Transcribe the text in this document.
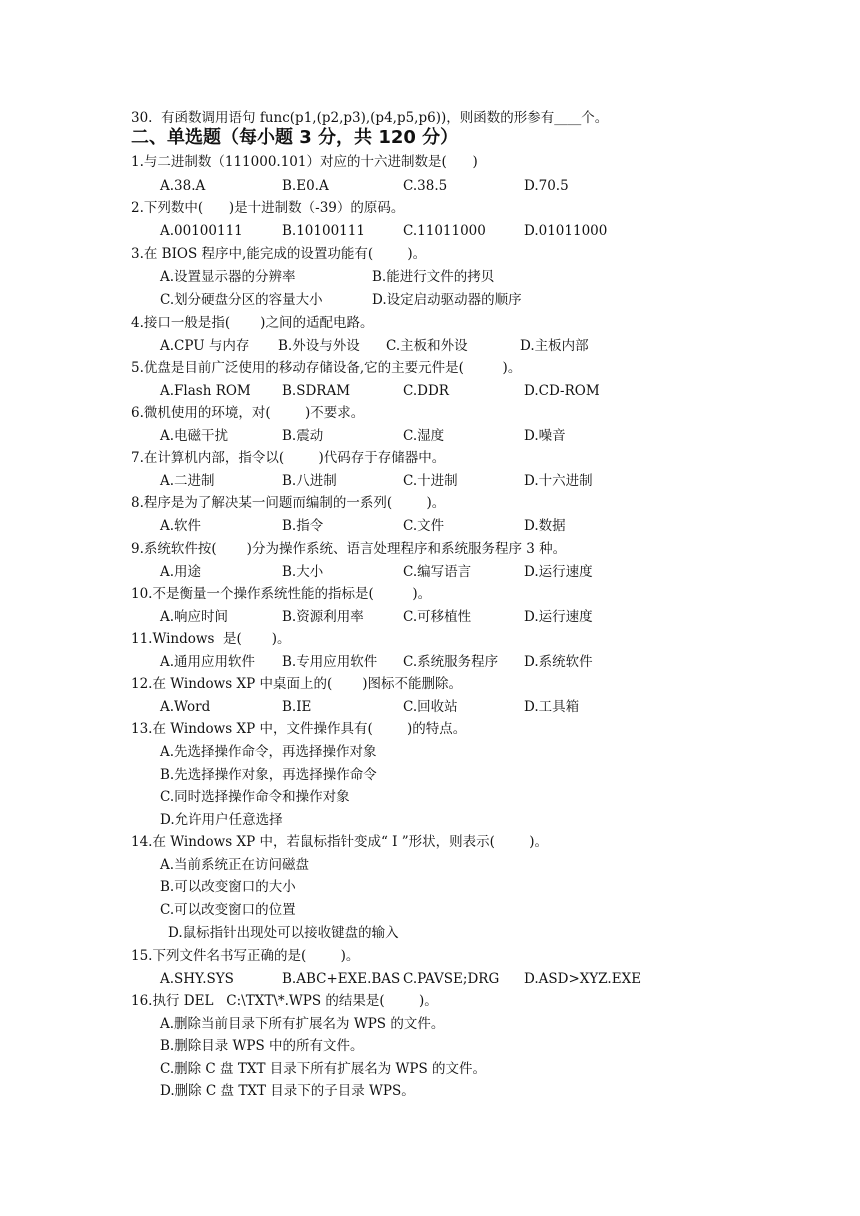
30.  有函数调用语句 func(p1,(p2,p3),(p4,p5,p6))，则函数的形参有____个。
二、单选题（每小题 3 分，共 120 分）
1.与二进制数（111000.101）对应的十六进制数是(      )
A.38.A	B.E0.A	C.38.5	D.70.5
2.下列数中(      )是十进制数（-39）的原码。
A.00100111	B.10100111	C.11011000	D.01011000
3.在 BIOS 程序中,能完成的设置功能有(        )。
A.设置显示器的分辨率	B.能进行文件的拷贝
C.划分硬盘分区的容量大小	D.设定启动驱动器的顺序
4.接口一般是指(       )之间的适配电路。
A.CPU 与内存 B.外设与外设 C.主板和外设	D.主板内部
5.优盘是目前广泛使用的移动存储设备,它的主要元件是(         )。
A.Flash ROM B.SDRAM	C.DDR	D.CD-ROM
6.微机使用的环境，对(        )不要求。
A.电磁干扰	B.震动	C.湿度	D.噪音
7.在计算机内部，指令以(        )代码存于存储器中。
A.二进制	B.八进制	C.十进制	D.十六进制
8.程序是为了解决某一问题而编制的一系列(        )。
A.软件	B.指令	C.文件	D.数据
9.系统软件按(       )分为操作系统、语言处理程序和系统服务程序 3 种。
A.用途	B.大小	C.编写语言	D.运行速度
10.不是衡量一个操作系统性能的指标是(         )。
A.响应时间	B.资源利用率	C.可移植性	D.运行速度
11.Windows  是(       )。
A.通用应用软件 B.专用应用软件 C.系统服务程序 D.系统软件
12.在 Windows XP 中桌面上的(       )图标不能删除。
A.Word	B.IE	C.回收站	D.工具箱
13.在 Windows XP 中，文件操作具有(        )的特点。
A.先选择操作命令，再选择操作对象
B.先选择操作对象，再选择操作命令
C.同时选择操作命令和操作对象
D.允许用户任意选择
14.在 Windows XP 中，若鼠标指针变成“ I ”形状，则表示(        )。
A.当前系统正在访问磁盘
B.可以改变窗口的大小
C.可以改变窗口的位置
D.鼠标指针出现处可以接收键盘的输入
15.下列文件名书写正确的是(        )。
A.SHY.SYS	B.ABC+EXE.BAS C.PAVSE;DRG D.ASD>XYZ.EXE
16.执行 DEL   C:\TXT\*.WPS 的结果是(        )。
A.删除当前目录下所有扩展名为 WPS 的文件。
B.删除目录 WPS 中的所有文件。
C.删除 C 盘 TXT 目录下所有扩展名为 WPS 的文件。
D.删除 C 盘 TXT 目录下的子目录 WPS。
